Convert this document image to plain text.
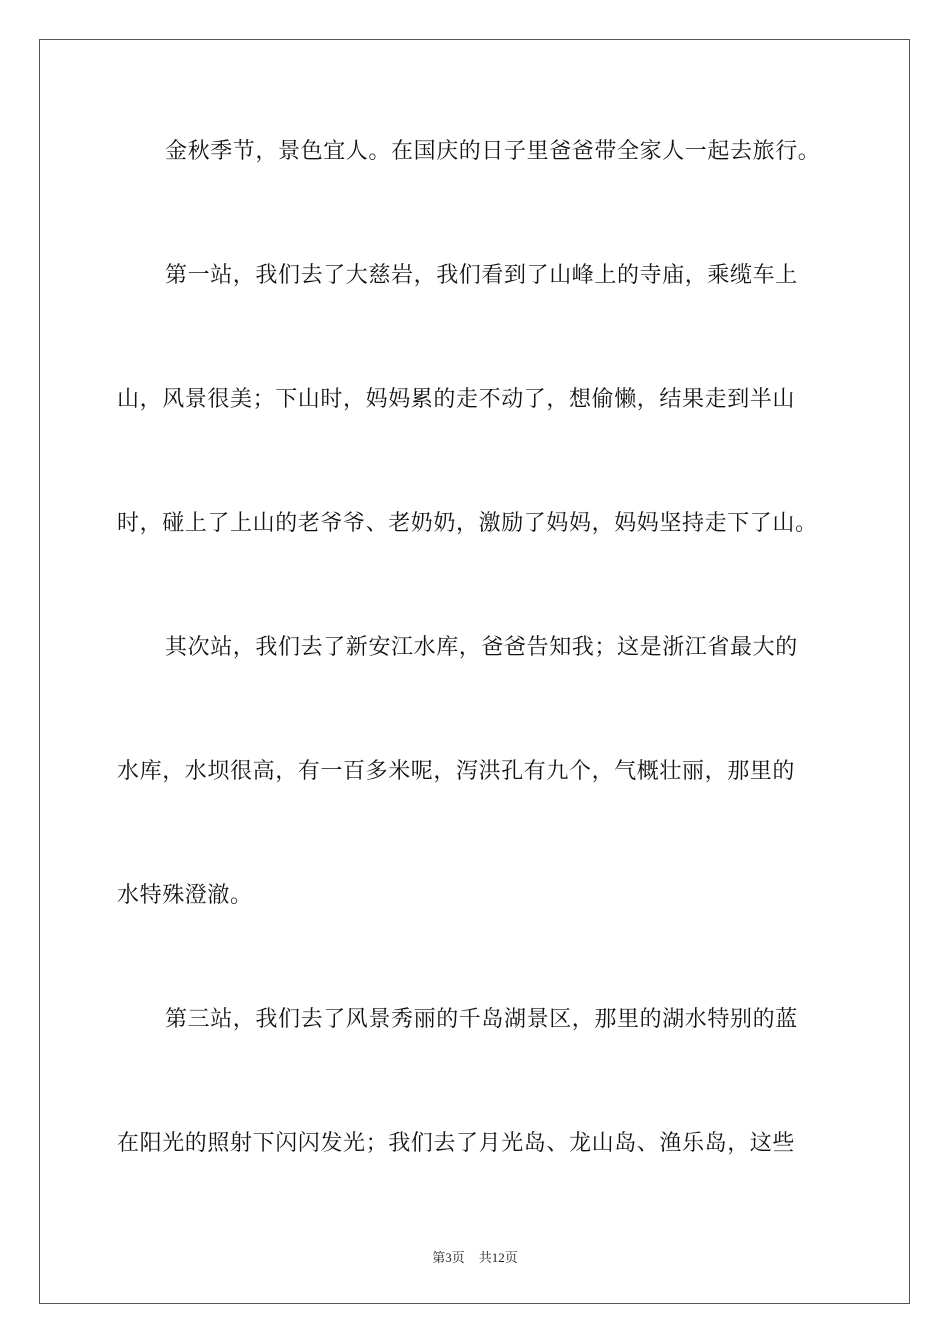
金秋季节，景色宜人。在国庆的日子里爸爸带全家人一起去旅行。
第一站，我们去了大慈岩，我们看到了山峰上的寺庙，乘缆车上
山，风景很美；下山时，妈妈累的走不动了，想偷懒，结果走到半山
时，碰上了上山的老爷爷、老奶奶，激励了妈妈，妈妈坚持走下了山。
其次站，我们去了新安江水库，爸爸告知我；这是浙江省最大的
水库，水坝很高，有一百多米呢，泻洪孔有九个，气概壮丽，那里的
水特殊澄澈。
第三站，我们去了风景秀丽的千岛湖景区，那里的湖水特别的蓝
在阳光的照射下闪闪发光；我们去了月光岛、龙山岛、渔乐岛，这些
第3页 共12页
